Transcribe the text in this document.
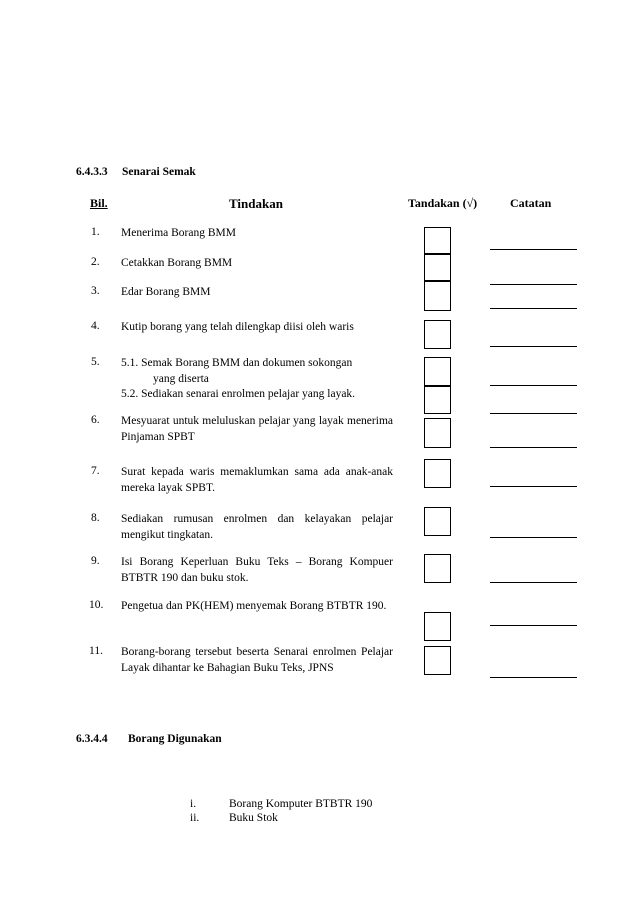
6.4.3.3 Senarai Semak
Bil.	Tindakan	Tandakan (√)	Catatan
1. Menerima Borang BMM
2. Cetakkan Borang BMM
3. Edar Borang BMM
4. Kutip borang yang telah dilengkap diisi oleh waris
5. 5.1. Semak Borang BMM dan dokumen sokongan
yang diserta
5.2. Sediakan senarai enrolmen pelajar yang layak.
6. Mesyuarat untuk meluluskan pelajar yang layak menerima Pinjaman SPBT
7. Surat kepada waris memaklumkan sama ada anak-anak mereka layak SPBT.
8. Sediakan rumusan enrolmen dan kelayakan pelajar mengikut tingkatan.
9. Isi Borang Keperluan Buku Teks – Borang Kompuer BTBTR 190 dan buku stok.
10. Pengetua dan PK(HEM) menyemak Borang BTBTR 190.
11. Borang-borang tersebut beserta Senarai enrolmen Pelajar Layak dihantar ke Bahagian Buku Teks, JPNS
6.3.4.4 Borang Digunakan
i.	Borang Komputer BTBTR 190
ii.	Buku Stok
